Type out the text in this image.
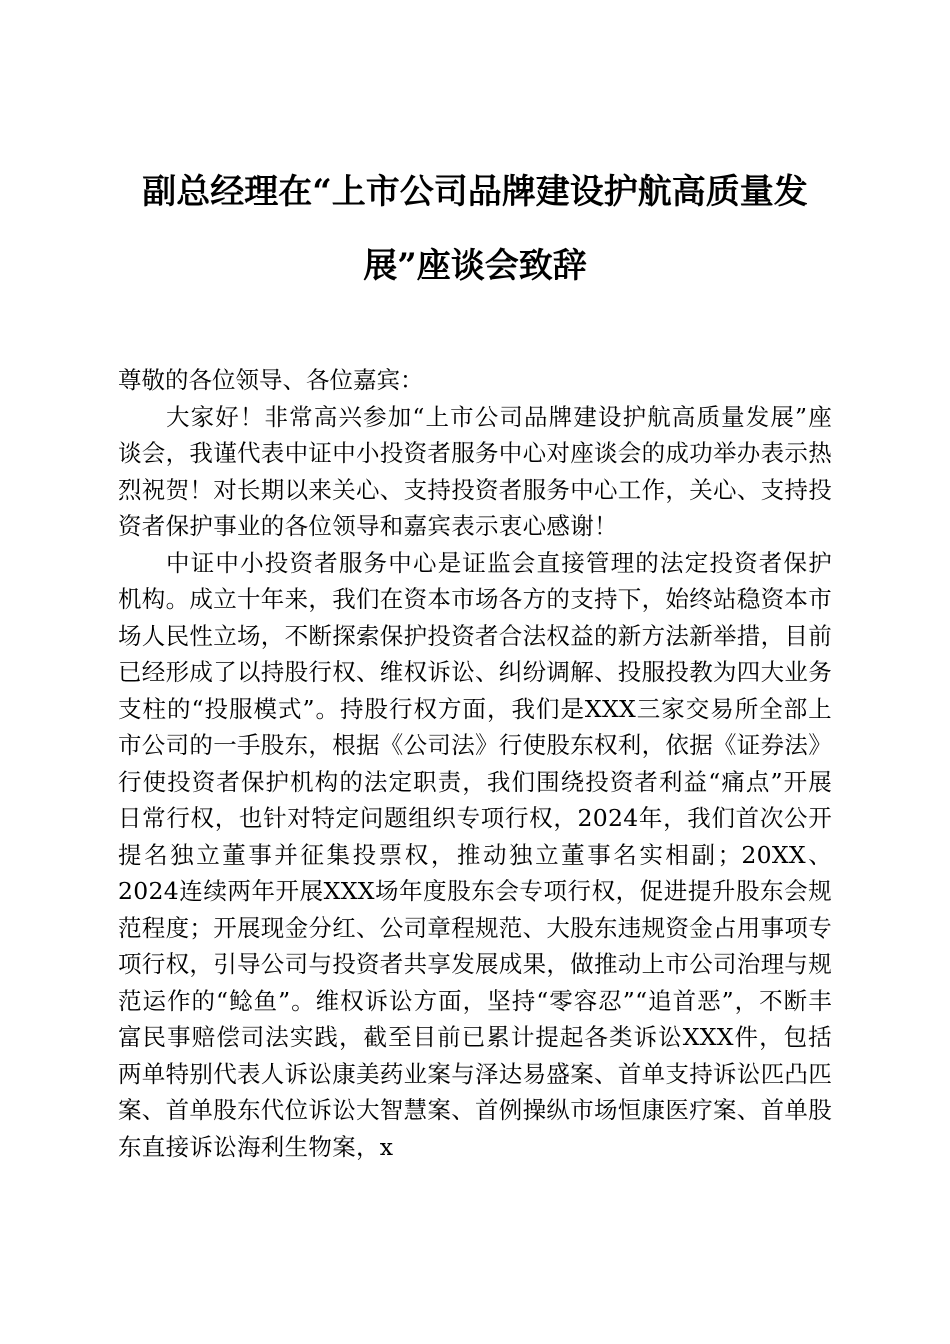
副总经理在“上市公司品牌建设护航高质量发
展”座谈会致辞

尊敬的各位领导、各位嘉宾：

大家好！非常高兴参加“上市公司品牌建设护航高质量发展”座谈会，我谨代表中证中小投资者服务中心对座谈会的成功举办表示热烈祝贺！对长期以来关心、支持投资者服务中心工作，关心、支持投资者保护事业的各位领导和嘉宾表示衷心感谢！

中证中小投资者服务中心是证监会直接管理的法定投资者保护机构。成立十年来，我们在资本市场各方的支持下，始终站稳资本市场人民性立场，不断探索保护投资者合法权益的新方法新举措，目前已经形成了以持股行权、维权诉讼、纠纷调解、投服投教为四大业务支柱的“投服模式”。持股行权方面，我们是XXX三家交易所全部上市公司的一手股东，根据《公司法》行使股东权利，依据《证券法》行使投资者保护机构的法定职责，我们围绕投资者利益“痛点”开展日常行权，也针对特定问题组织专项行权，2024年，我们首次公开提名独立董事并征集投票权，推动独立董事名实相副；20XX、2024连续两年开展XXX场年度股东会专项行权，促进提升股东会规范程度；开展现金分红、公司章程规范、大股东违规资金占用事项专项行权，引导公司与投资者共享发展成果，做推动上市公司治理与规范运作的“鲶鱼”。维权诉讼方面，坚持“零容忍”“追首恶”，不断丰富民事赔偿司法实践，截至目前已累计提起各类诉讼XXX件，包括两单特别代表人诉讼康美药业案与泽达易盛案、首单支持诉讼匹凸匹案、首单股东代位诉讼大智慧案、首例操纵市场恒康医疗案、首单股东直接诉讼海利生物案，x
